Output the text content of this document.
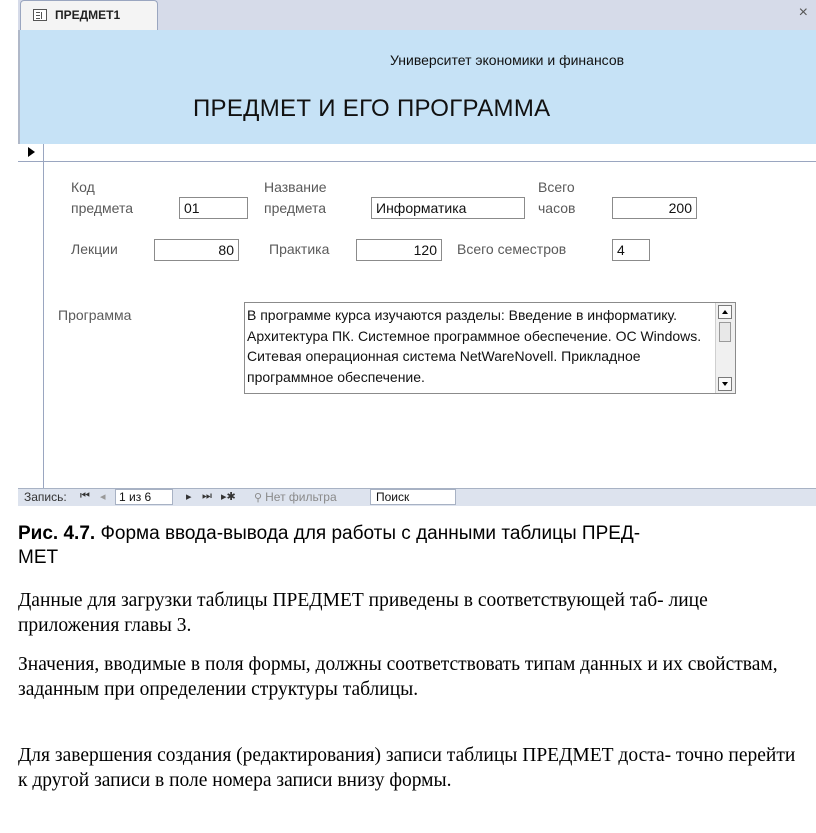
ПРЕДМЕТ1	×
Университет экономики и финансов
ПРЕДМЕТ И ЕГО ПРОГРАММА
Код
предмета	01
Название
предмета	Информатика
Всего
часов	200
Лекции	80	Практика	120	Всего семестров	4
Программа	В программе курса изучаются разделы: Введение в информатику. Архитектура ПК. Системное программное обеспечение. ОС Windows. Ситевая операционная система NetWareNovell. Прикладное программное обеспечение.
Запись: ⏮ ◂	1 из 6	▸ ⏭ ▸✱ ⚲ Нет фильтра	Поиск
Рис. 4.7. Форма ввода-вывода для работы с данными таблицы ПРЕД- МЕТ
Данные для загрузки таблицы ПРЕДМЕТ приведены в соответствующей таб- лице приложения главы 3.
Значения, вводимые в поля формы, должны соответствовать типам данных и их свойствам, заданным при определении структуры таблицы.
Для завершения создания (редактирования) записи таблицы ПРЕДМЕТ доста- точно перейти к другой записи в поле номера записи внизу формы.
